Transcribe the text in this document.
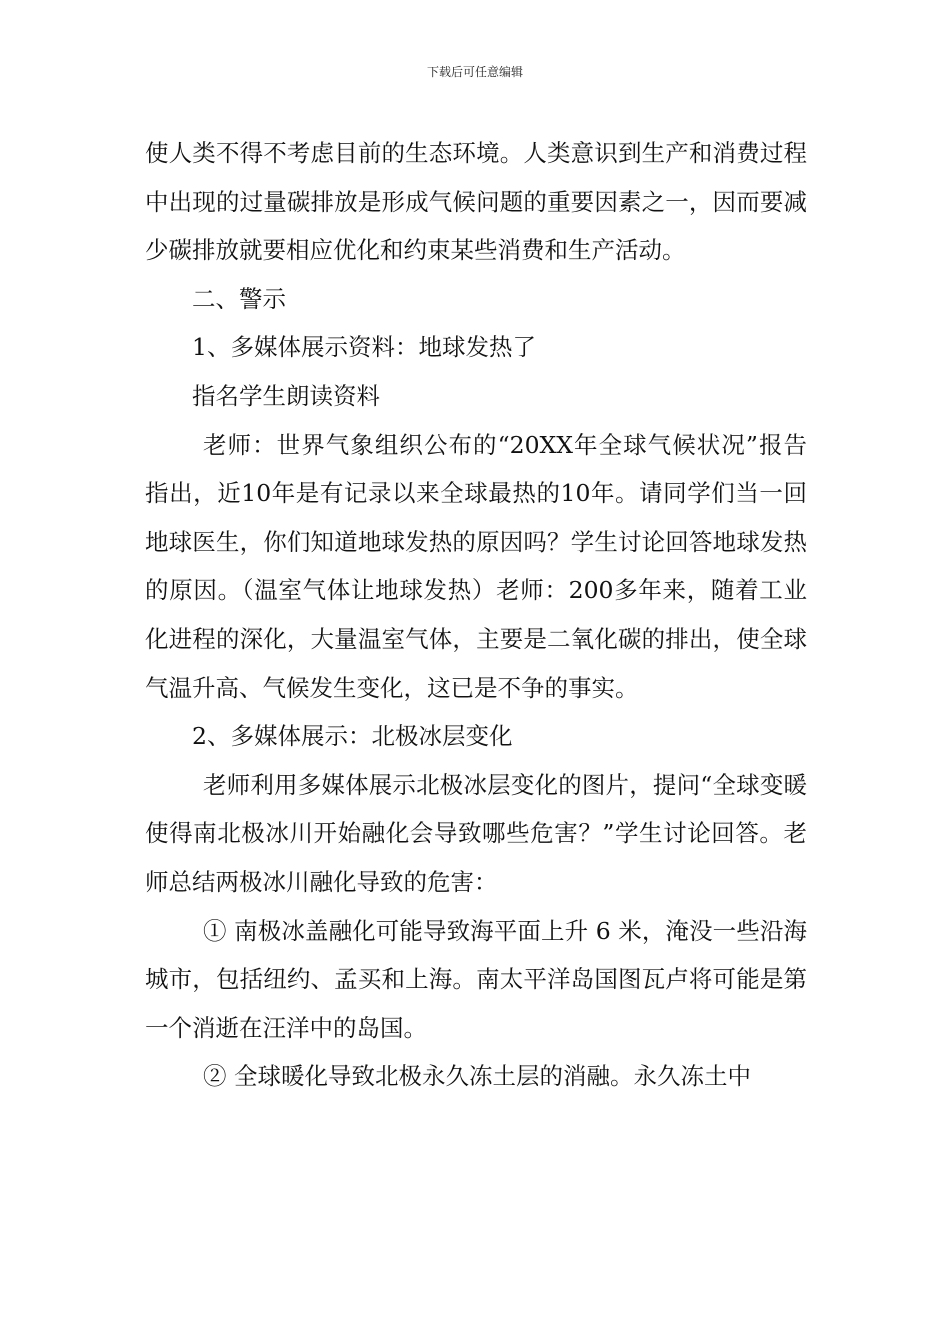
下载后可任意编辑

使人类不得不考虑目前的生态环境。人类意识到生产和消费过程中出现的过量碳排放是形成气候问题的重要因素之一，因而要减少碳排放就要相应优化和约束某些消费和生产活动。

二、警示

1、多媒体展示资料：地球发热了

指名学生朗读资料

老师：世界气象组织公布的“20XX年全球气候状况”报告指出，近10年是有记录以来全球最热的10年。请同学们当一回地球医生，你们知道地球发热的原因吗？学生讨论回答地球发热的原因。（温室气体让地球发热）老师：200多年来，随着工业化进程的深化，大量温室气体，主要是二氧化碳的排出，使全球气温升高、气候发生变化，这已是不争的事实。

2、多媒体展示：北极冰层变化

老师利用多媒体展示北极冰层变化的图片，提问“全球变暖使得南北极冰川开始融化会导致哪些危害？”学生讨论回答。老师总结两极冰川融化导致的危害：

① 南极冰盖融化可能导致海平面上升 6 米，淹没一些沿海城市，包括纽约、孟买和上海。南太平洋岛国图瓦卢将可能是第一个消逝在汪洋中的岛国。

② 全球暖化导致北极永久冻土层的消融。永久冻土中
